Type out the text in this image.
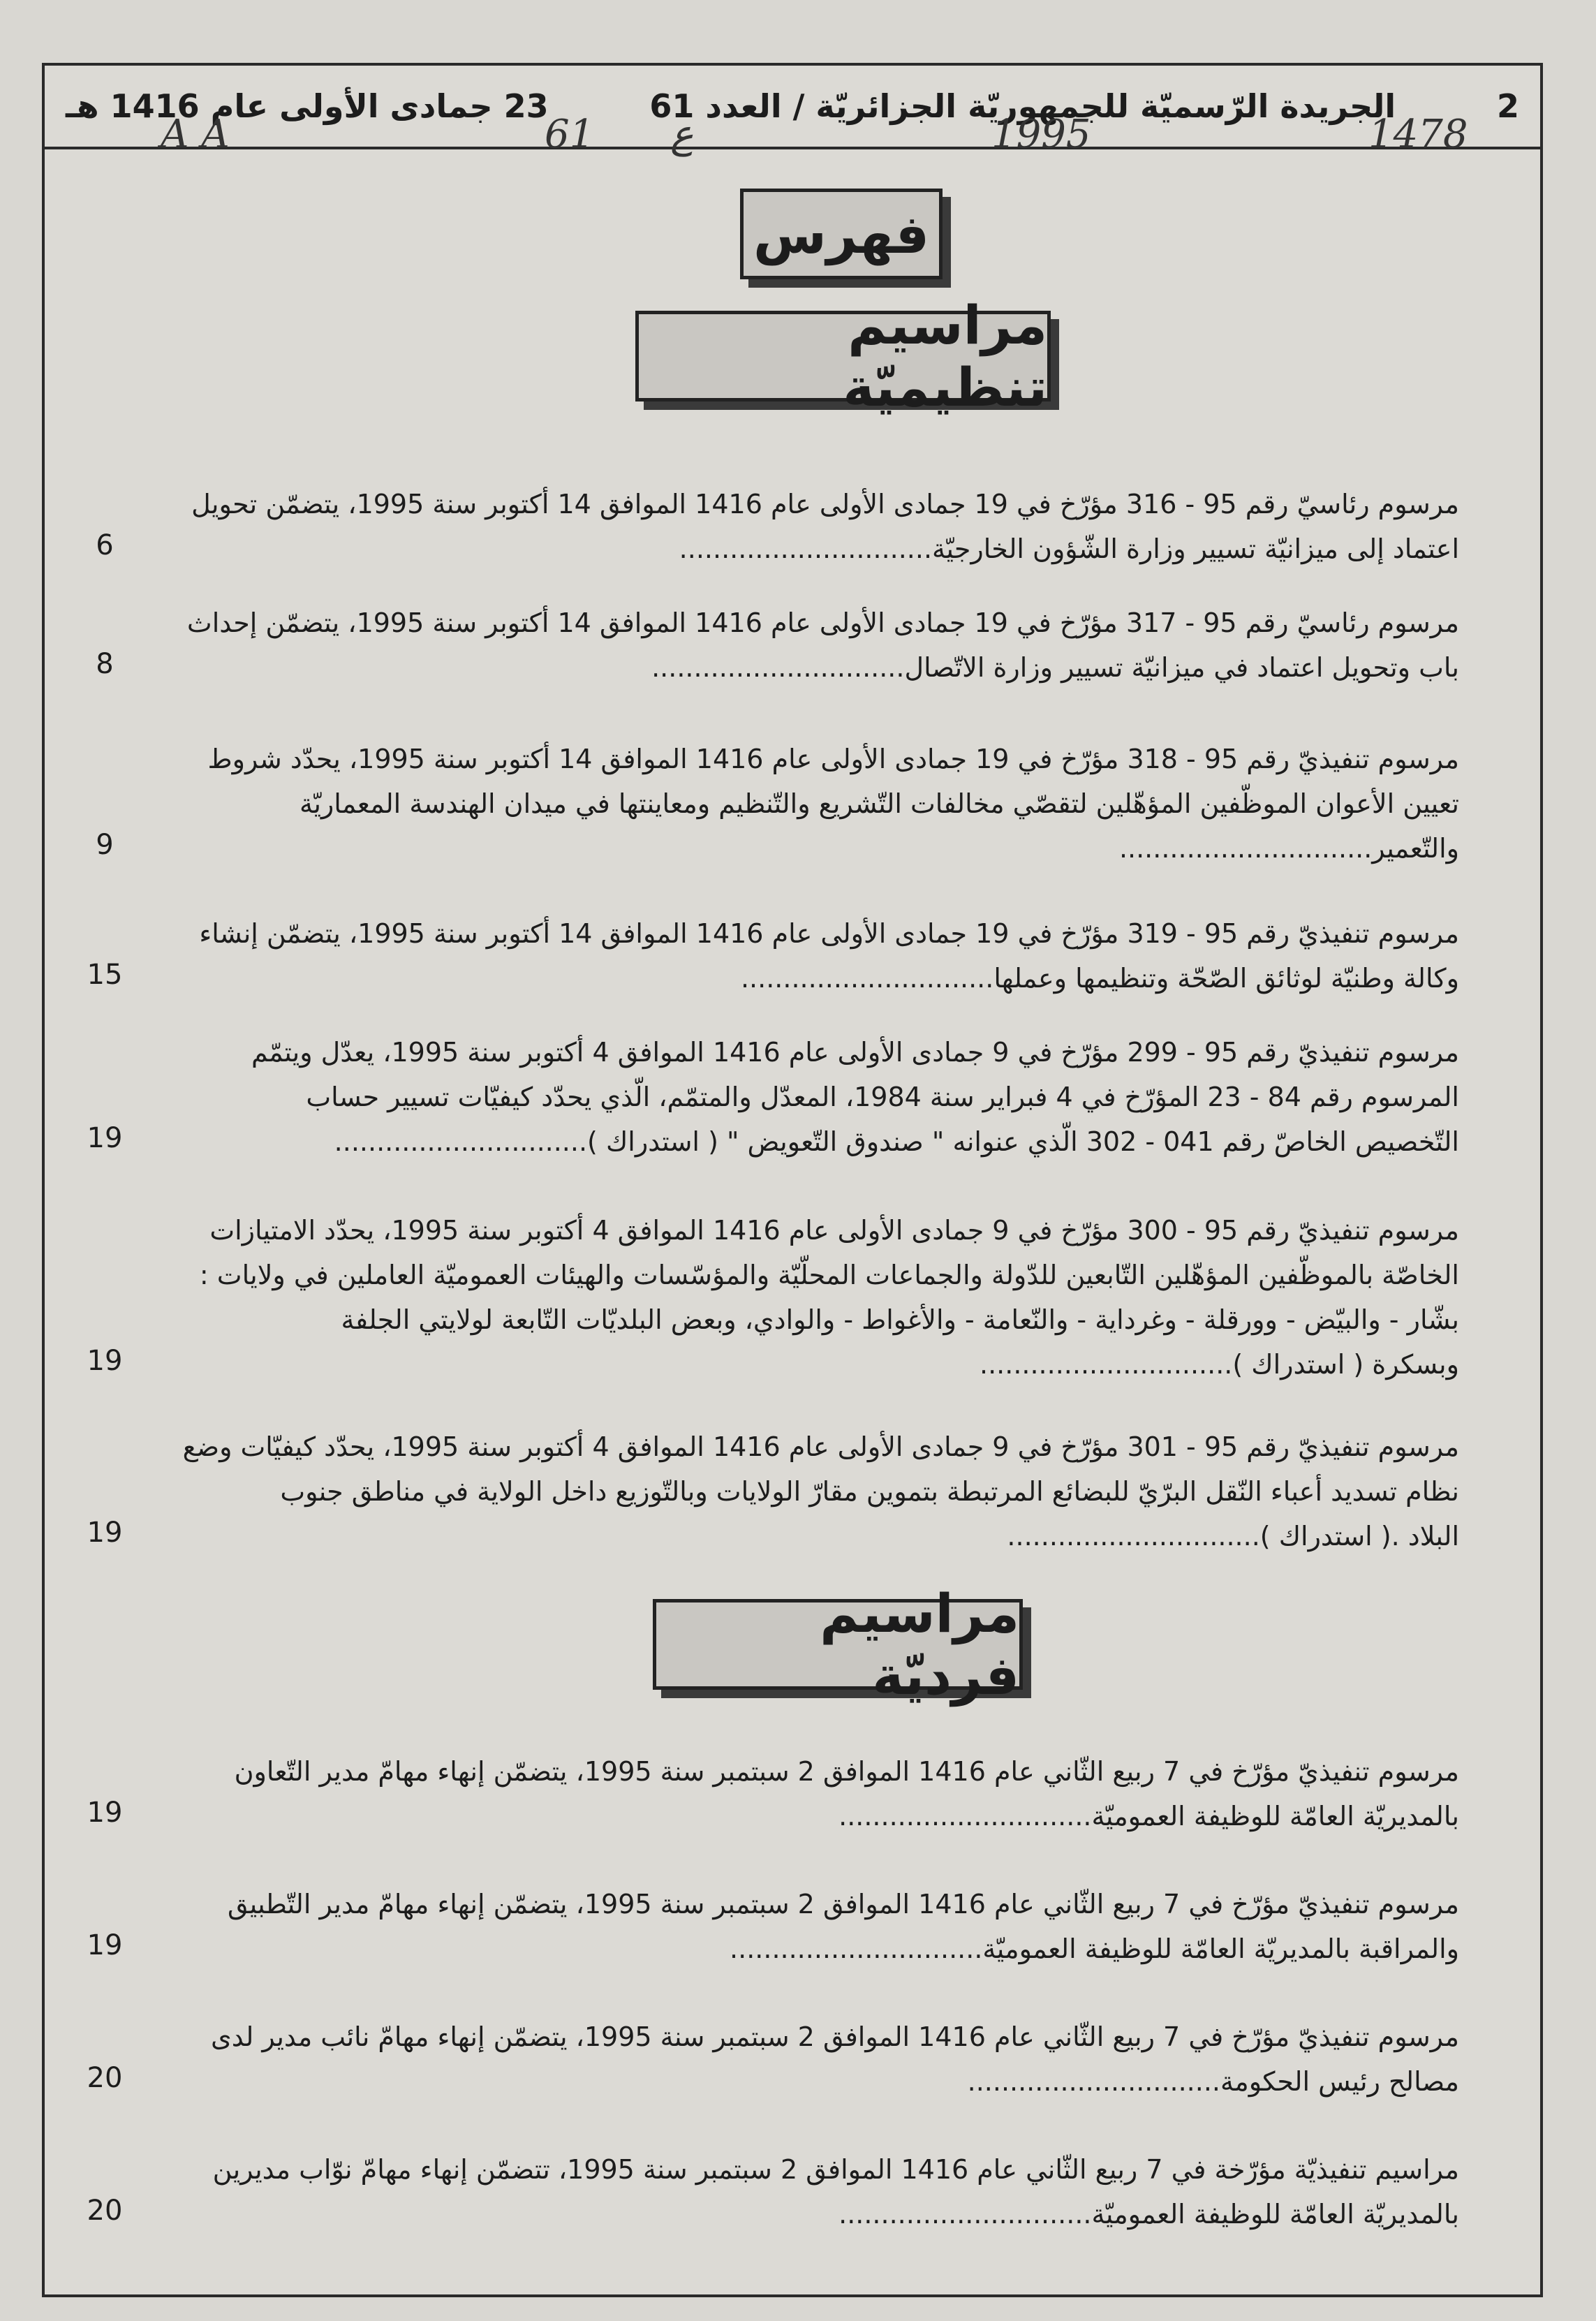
2
الجريدة الرّسميّة للجمهوريّة الجزائريّة / العدد 61
23 جمادى الأولى عام 1416 هـ
A A	61 ع	1995	1478
فهرس
مراسيم تنظيميّة
مراسيم فرديّة
مرسوم رئاسيّ رقم 95 - 316 مؤرّخ في 19 جمادى الأولى عام 1416 الموافق 14 أكتوبر سنة 1995، يتضمّن تحويل
اعتماد إلى ميزانيّة تسيير وزارة الشّؤون الخارجيّة..............................
6
مرسوم رئاسيّ رقم 95 - 317 مؤرّخ في 19 جمادى الأولى عام 1416 الموافق 14 أكتوبر سنة 1995، يتضمّن إحداث
باب وتحويل اعتماد في ميزانيّة تسيير وزارة الاتّصال..............................
8
مرسوم تنفيذيّ رقم 95 - 318 مؤرّخ في 19 جمادى الأولى عام 1416 الموافق 14 أكتوبر سنة 1995، يحدّد شروط
تعيين الأعوان الموظّفين المؤهّلين لتقصّي مخالفات التّشريع والتّنظيم ومعاينتها في ميدان الهندسة المعماريّة
والتّعمير..............................
9
مرسوم تنفيذيّ رقم 95 - 319 مؤرّخ في 19 جمادى الأولى عام 1416 الموافق 14 أكتوبر سنة 1995، يتضمّن إنشاء
وكالة وطنيّة لوثائق الصّحّة وتنظيمها وعملها..............................
15
مرسوم تنفيذيّ رقم 95 - 299 مؤرّخ في 9 جمادى الأولى عام 1416 الموافق 4 أكتوبر سنة 1995، يعدّل ويتمّم
المرسوم رقم 84 - 23 المؤرّخ في 4 فبراير سنة 1984، المعدّل والمتمّم، الّذي يحدّد كيفيّات تسيير حساب
التّخصيص الخاصّ رقم 041 - 302 الّذي عنوانه " صندوق التّعويض " ( استدراك )..............................
19
مرسوم تنفيذيّ رقم 95 - 300 مؤرّخ في 9 جمادى الأولى عام 1416 الموافق 4 أكتوبر سنة 1995، يحدّد الامتيازات
الخاصّة بالموظّفين المؤهّلين التّابعين للدّولة والجماعات المحلّيّة والمؤسّسات والهيئات العموميّة العاملين في ولايات :
بشّار - والبيّض - وورقلة - وغرداية - والنّعامة - والأغواط - والوادي، وبعض البلديّات التّابعة لولايتي الجلفة
وبسكرة ( استدراك )..............................
19
مرسوم تنفيذيّ رقم 95 - 301 مؤرّخ في 9 جمادى الأولى عام 1416 الموافق 4 أكتوبر سنة 1995، يحدّد كيفيّات وضع
نظام تسديد أعباء النّقل البرّيّ للبضائع المرتبطة بتموين مقارّ الولايات وبالتّوزيع داخل الولاية في مناطق جنوب
البلاد .( استدراك )..............................
19
مرسوم تنفيذيّ مؤرّخ في 7 ربيع الثّاني عام 1416 الموافق 2 سبتمبر سنة 1995، يتضمّن إنهاء مهامّ مدير التّعاون
بالمديريّة العامّة للوظيفة العموميّة..............................
19
مرسوم تنفيذيّ مؤرّخ في 7 ربيع الثّاني عام 1416 الموافق 2 سبتمبر سنة 1995، يتضمّن إنهاء مهامّ مدير التّطبيق
والمراقبة بالمديريّة العامّة للوظيفة العموميّة..............................
19
مرسوم تنفيذيّ مؤرّخ في 7 ربيع الثّاني عام 1416 الموافق 2 سبتمبر سنة 1995، يتضمّن إنهاء مهامّ نائب مدير لدى
مصالح رئيس الحكومة..............................
20
مراسيم تنفيذيّة مؤرّخة في 7 ربيع الثّاني عام 1416 الموافق 2 سبتمبر سنة 1995، تتضمّن إنهاء مهامّ نوّاب مديرين
بالمديريّة العامّة للوظيفة العموميّة..............................
20
